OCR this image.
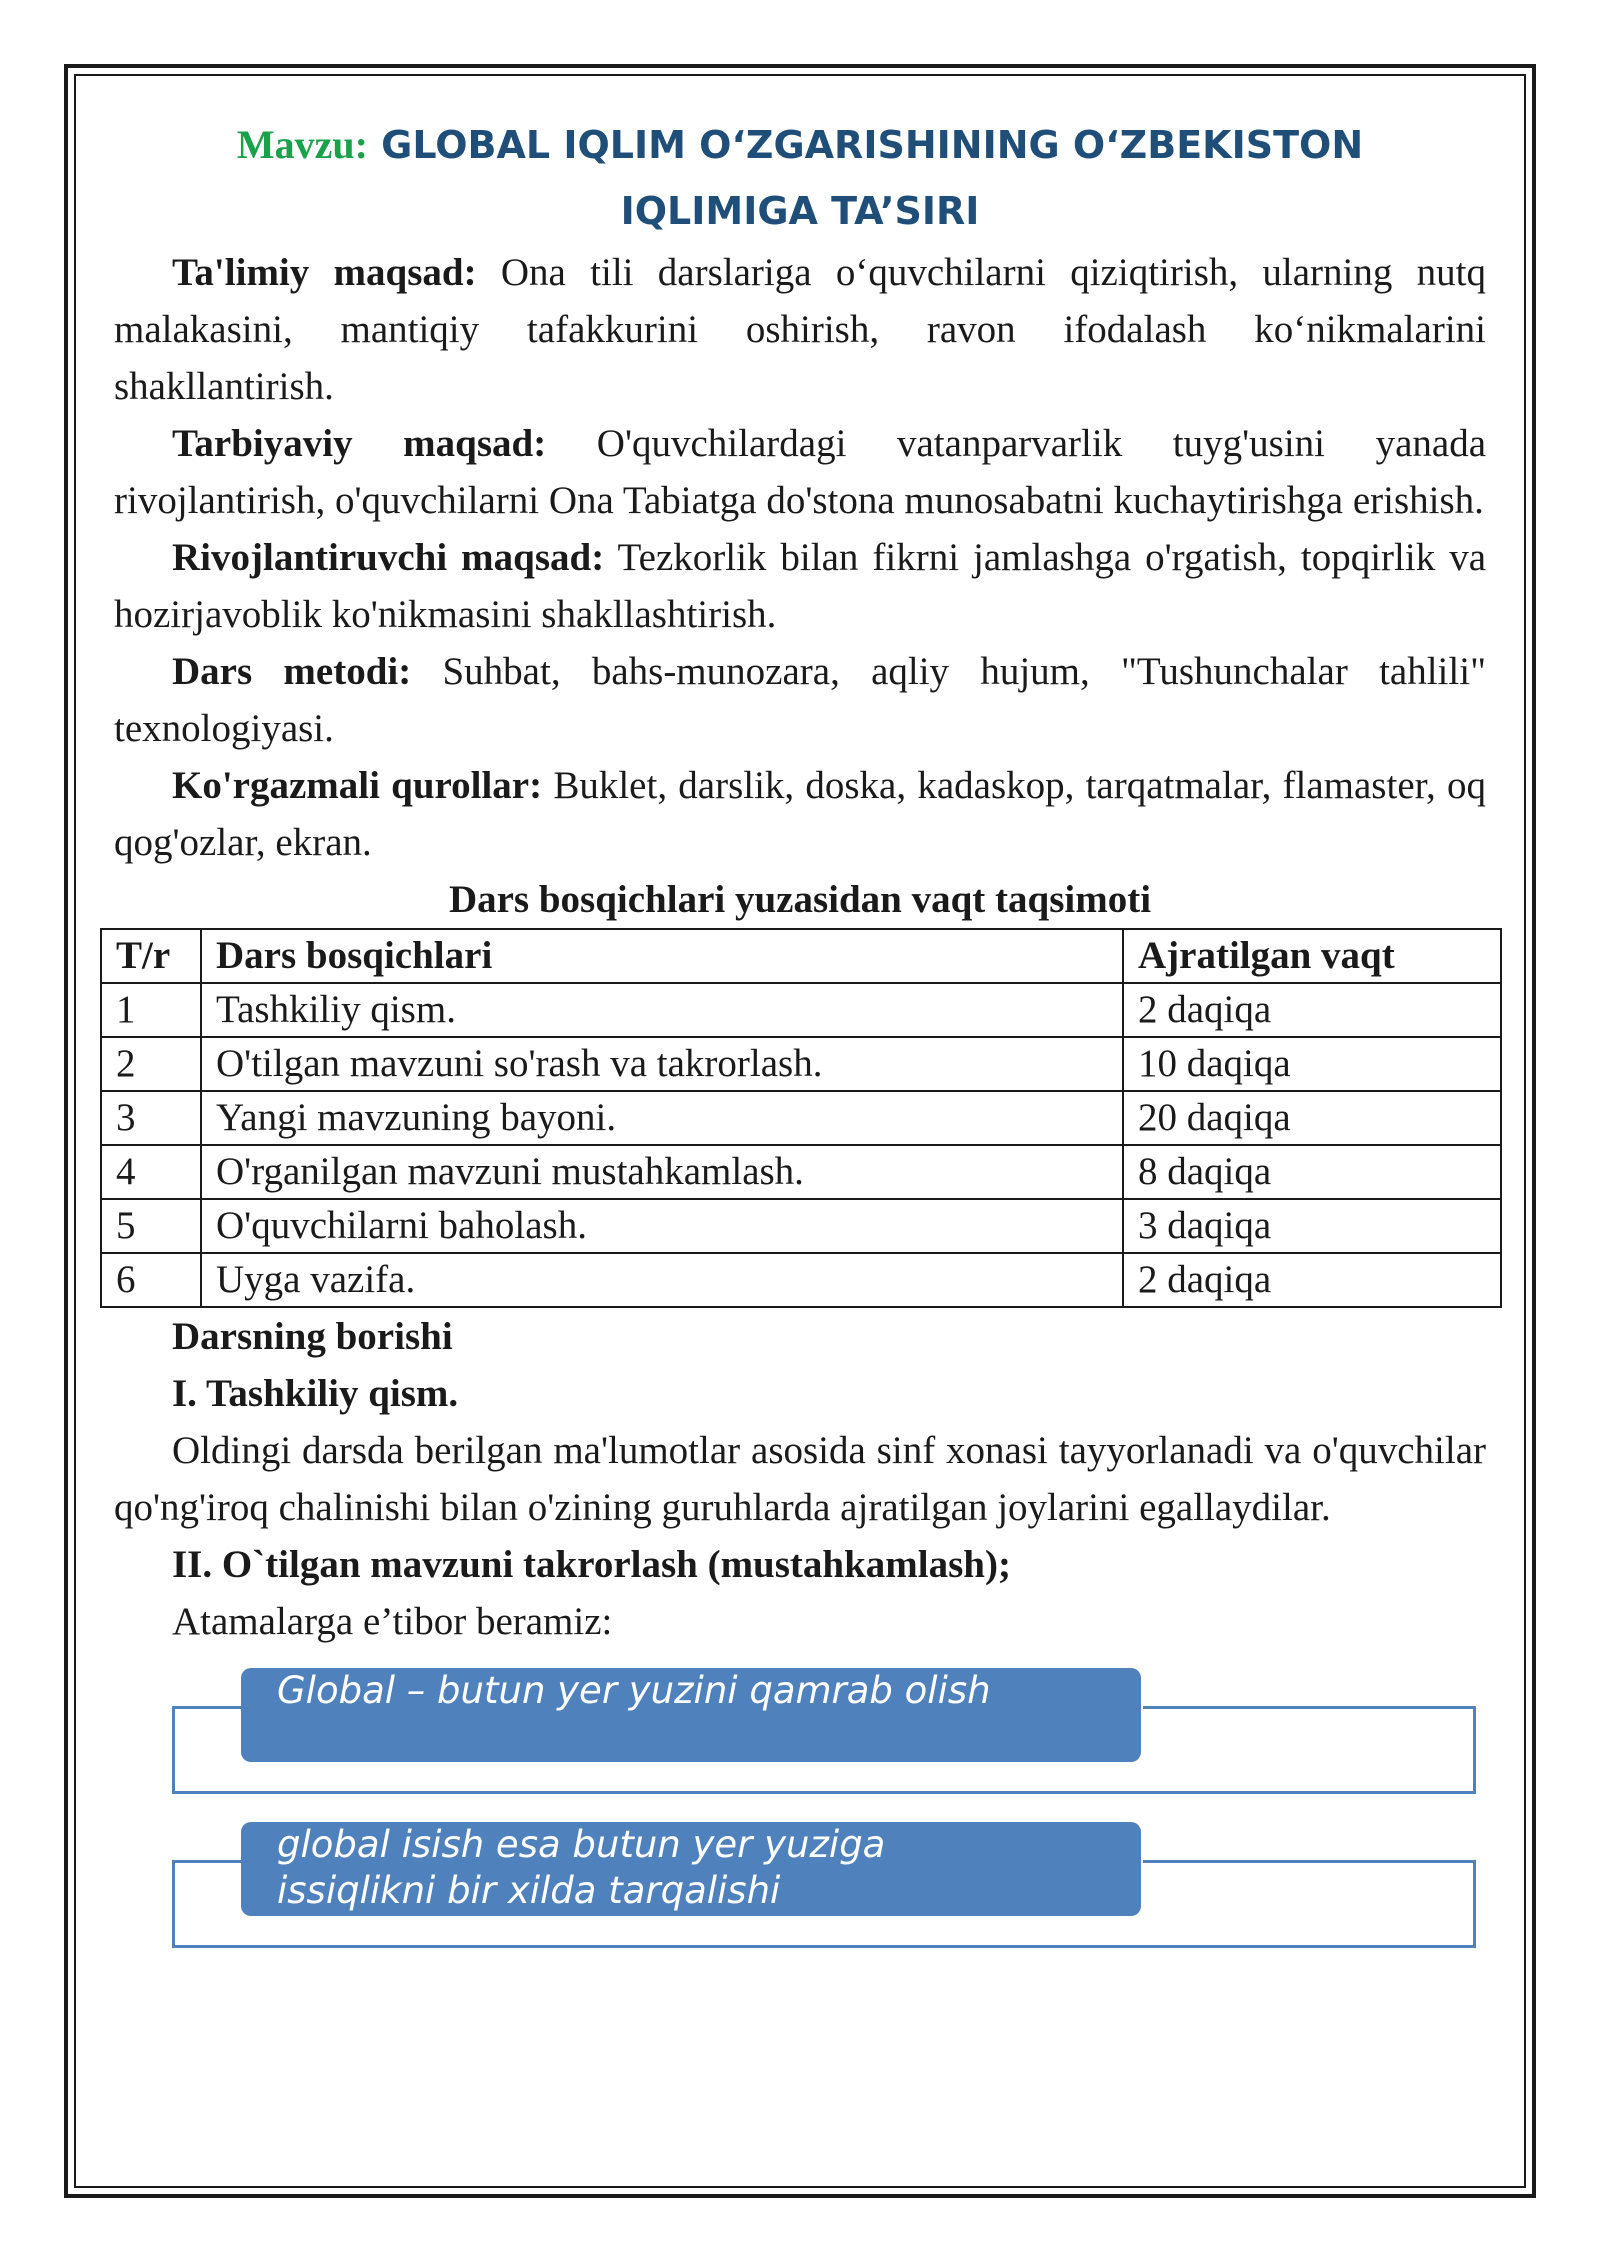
Mavzu: GLOBAL IQLIM O‘ZGARISHINING O‘ZBEKISTON
IQLIMIGA TA’SIRI

Ta'limiy maqsad: Ona tili darslariga o‘quvchilarni qiziqtirish, ularning nutq malakasini, mantiqiy tafakkurini oshirish, ravon ifodalash ko‘nikmalarini shakllantirish.

Tarbiyaviy maqsad: O'quvchilardagi vatanparvarlik tuyg'usini yanada rivojlantirish, o'quvchilarni Ona Tabiatga do'stona munosabatni kuchaytirishga erishish.

Rivojlantiruvchi maqsad: Tezkorlik bilan fikrni jamlashga o'rgatish, topqirlik va hozirjavoblik ko'nikmasini shakllashtirish.

Dars metodi: Suhbat, bahs-munozara, aqliy hujum, "Tushunchalar tahlili" texnologiyasi.

Ko'rgazmali qurollar: Buklet, darslik, doska, kadaskop, tarqatmalar, flamaster, oq qog'ozlar, ekran.

Dars bosqichlari yuzasidan vaqt taqsimoti

T/r	Dars bosqichlari	Ajratilgan vaqt
1	Tashkiliy qism.	2 daqiqa
2	O'tilgan mavzuni so'rash va takrorlash.	10 daqiqa
3	Yangi mavzuning bayoni.	20 daqiqa
4	O'rganilgan mavzuni mustahkamlash.	8 daqiqa
5	O'quvchilarni baholash.	3 daqiqa
6	Uyga vazifa.	2 daqiqa
Darsning borishi
I. Tashkiliy qism.

Oldingi darsda berilgan ma'lumotlar asosida sinf xonasi tayyorlanadi va o'quvchilar qo'ng'iroq chalinishi bilan o'zining guruhlarda ajratilgan joylarini egallaydilar.

II. O`tilgan mavzuni takrorlash (mustahkamlash);
Atamalarga e’tibor beramiz:
Global – butun yer yuzini qamrab olish
global isish esa butun yer yuziga
issiqlikni bir xilda tarqalishi
